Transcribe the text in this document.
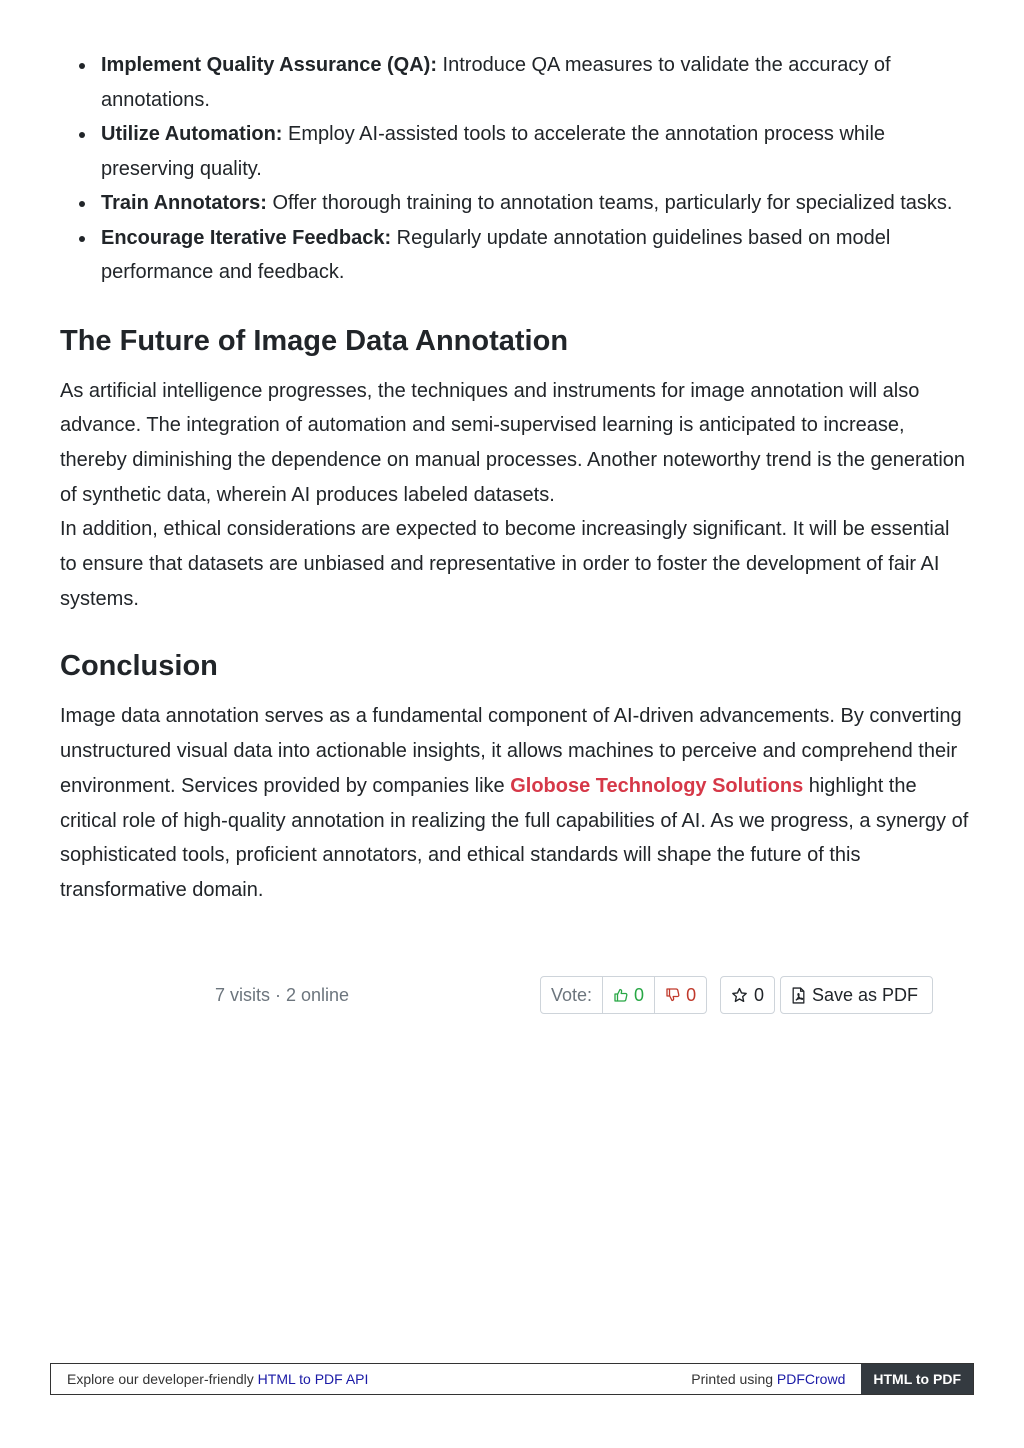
Implement Quality Assurance (QA): Introduce QA measures to validate the accuracy of annotations.
Utilize Automation: Employ AI-assisted tools to accelerate the annotation process while preserving quality.
Train Annotators: Offer thorough training to annotation teams, particularly for specialized tasks.
Encourage Iterative Feedback: Regularly update annotation guidelines based on model performance and feedback.
The Future of Image Data Annotation

As artificial intelligence progresses, the techniques and instruments for image annotation will also advance. The integration of automation and semi-supervised learning is anticipated to increase, thereby diminishing the dependence on manual processes. Another noteworthy trend is the generation of synthetic data, wherein AI produces labeled datasets.

In addition, ethical considerations are expected to become increasingly significant. It will be essential to ensure that datasets are unbiased and representative in order to foster the development of fair AI systems.

Conclusion

Image data annotation serves as a fundamental component of AI-driven advancements. By converting unstructured visual data into actionable insights, it allows machines to perceive and comprehend their environment. Services provided by companies like Globose Technology Solutions highlight the critical role of high-quality annotation in realizing the full capabilities of AI. As we progress, a synergy of sophisticated tools, proficient annotators, and ethical standards will shape the future of this transformative domain.

7 visits · 2 online	Vote:	0 0	0	Save as PDF
Explore our developer-friendly HTML to PDF API	Printed using PDFCrowd	HTML to PDF
